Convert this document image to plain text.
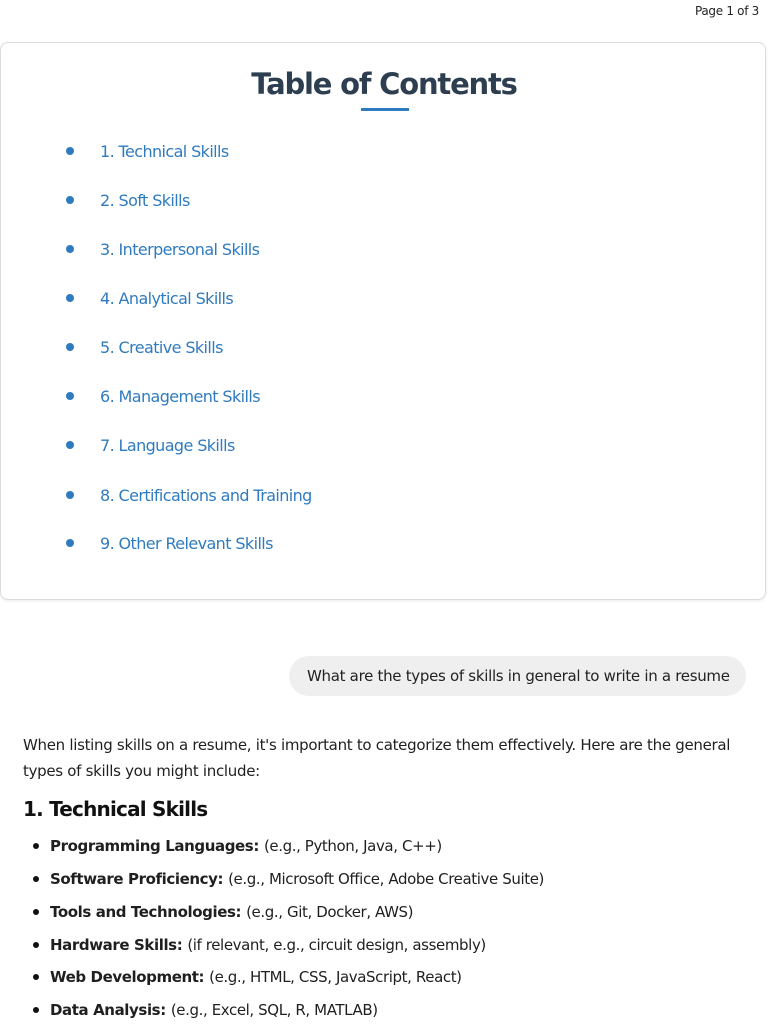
Page 1 of 3
Table of Contents
1. Technical Skills
2. Soft Skills
3. Interpersonal Skills
4. Analytical Skills
5. Creative Skills
6. Management Skills
7. Language Skills
8. Certifications and Training
9. Other Relevant Skills
What are the types of skills in general to write in a resume

When listing skills on a resume, it's important to categorize them effectively. Here are the general types of skills you might include:

1. Technical Skills
Programming Languages: (e.g., Python, Java, C++)
Software Proficiency: (e.g., Microsoft Office, Adobe Creative Suite)
Tools and Technologies: (e.g., Git, Docker, AWS)
Hardware Skills: (if relevant, e.g., circuit design, assembly)
Web Development: (e.g., HTML, CSS, JavaScript, React)
Data Analysis: (e.g., Excel, SQL, R, MATLAB)
